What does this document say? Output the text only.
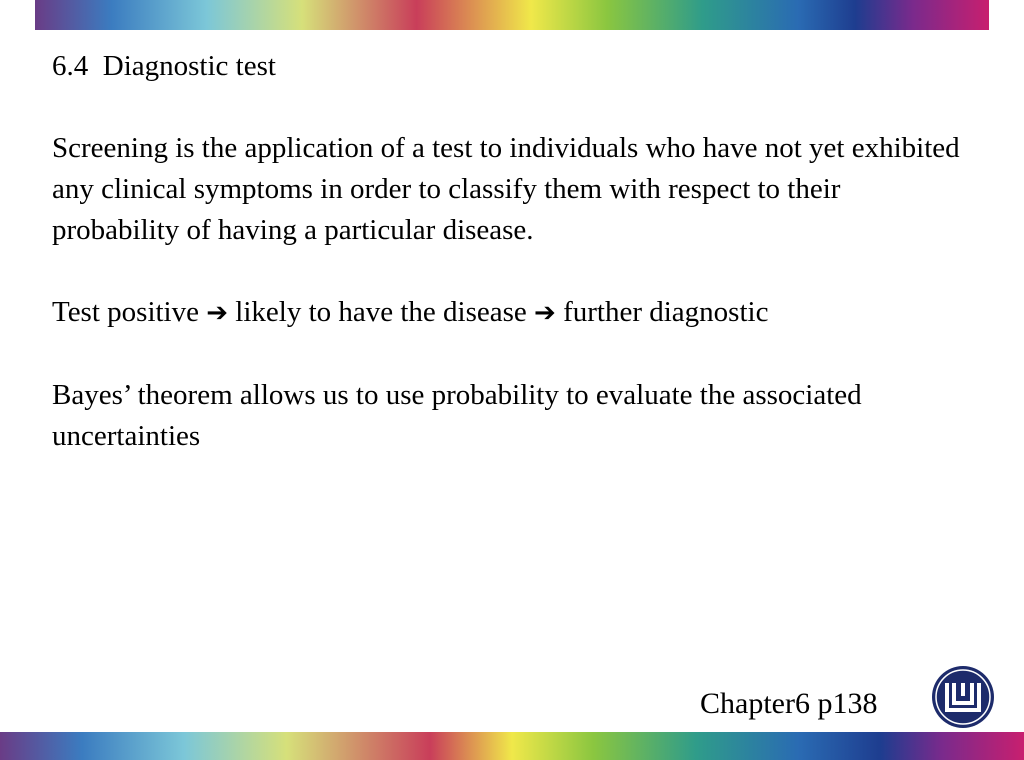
6.4  Diagnostic test

Screening is the application of a test to individuals who have not yet exhibited any clinical symptoms in order to classify them with respect to their probability of having a particular disease.

Test positive ➔ likely to have the disease ➔ further diagnostic

Bayes’ theorem allows us to use probability to evaluate the associated uncertainties

Chapter6 p138
